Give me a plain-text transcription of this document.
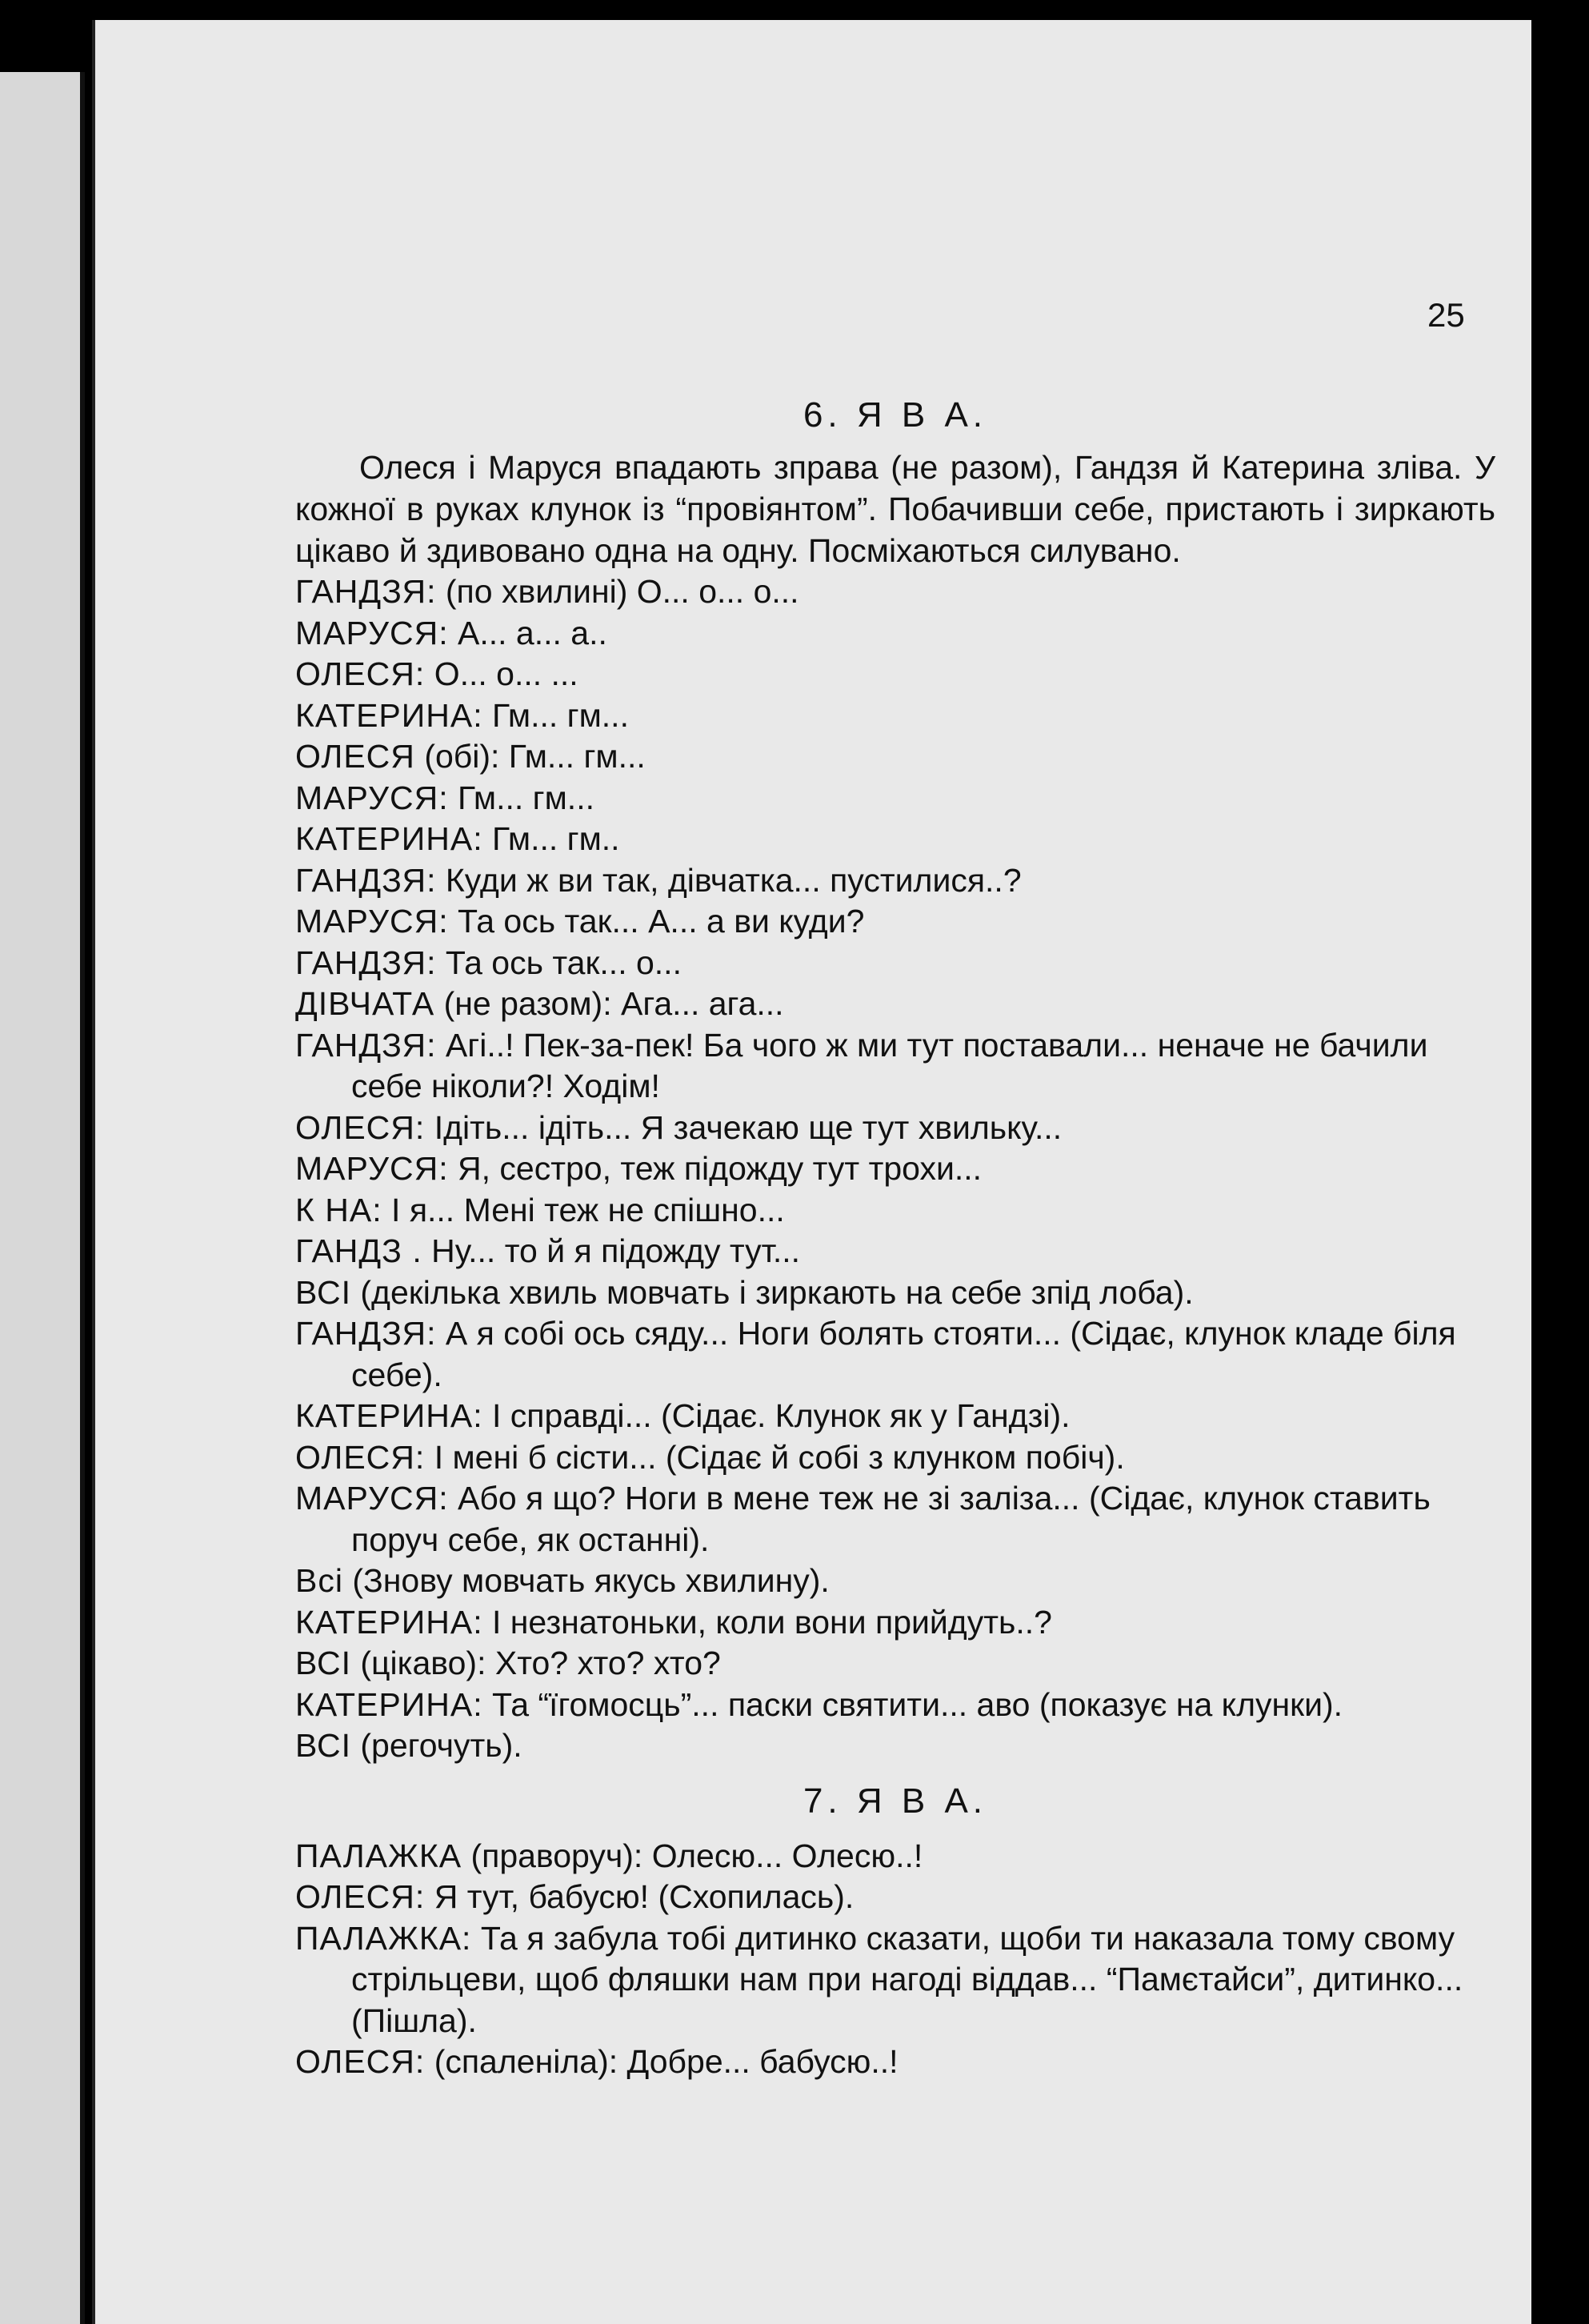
25
6. Я В А.

Олеся і Маруся впадають зправа (не разом), Гандзя й Катерина зліва. У кожної в руках клунок із “провіянтом”. Побачивши себе, пристають і зиркають цікаво й здивовано одна на одну. Посміхаються силувано.

ГАНДЗЯ: (по хвилині) О... о... о...

МАРУСЯ: А... а... а..

ОЛЕСЯ: О... о... ...

КАТЕРИНА: Гм... гм...

ОЛЕСЯ (обі): Гм... гм...

МАРУСЯ: Гм... гм...

КАТЕРИНА: Гм... гм..

ГАНДЗЯ: Куди ж ви так, дівчатка... пустилися..?

МАРУСЯ: Та ось так... А... а ви куди?

ГАНДЗЯ: Та ось так... о...

ДІВЧАТА (не разом): Ага... ага...

ГАНДЗЯ: Агі..! Пек-за-пек! Ба чого ж ми тут поставали... неначе не бачили себе ніколи?! Ходім!

ОЛЕСЯ: Ідіть... ідіть... Я зачекаю ще тут хвильку...

МАРУСЯ: Я, сестро, теж підожду тут трохи...

К НА: І я... Мені теж не спішно...

ГАНДЗ . Ну... то й я підожду тут...

ВСІ (декілька хвиль мовчать і зиркають на себе зпід лоба).

ГАНДЗЯ: А я собі ось сяду... Ноги болять стояти... (Сідає, клунок кладе біля себе).

КАТЕРИНА: І справді... (Сідає. Клунок як у Гандзі).

ОЛЕСЯ: І мені б сісти... (Сідає й собі з клунком побіч).

МАРУСЯ: Або я що? Ноги в мене теж не зі заліза... (Сідає, клунок ставить поруч себе, як останні).

Всі (Знову мовчать якусь хвилину).

КАТЕРИНА: І незнатоньки, коли вони прийдуть..?

ВСІ (цікаво): Хто? хто? хто?

КАТЕРИНА: Та “їгомосць”... паски святити... аво (показує на клунки).

ВСІ (регочуть).

7. Я В А.

ПАЛАЖКА (праворуч): Олесю... Олесю..!

ОЛЕСЯ: Я тут, бабусю! (Схопилась).

ПАЛАЖКА: Та я забула тобі дитинко сказати, щоби ти наказала тому свому стрільцеви, щоб фляшки нам при нагоді віддав... “Памєтайси”, дитинко... (Пішла).

ОЛЕСЯ: (спаленіла): Добре... бабусю..!
